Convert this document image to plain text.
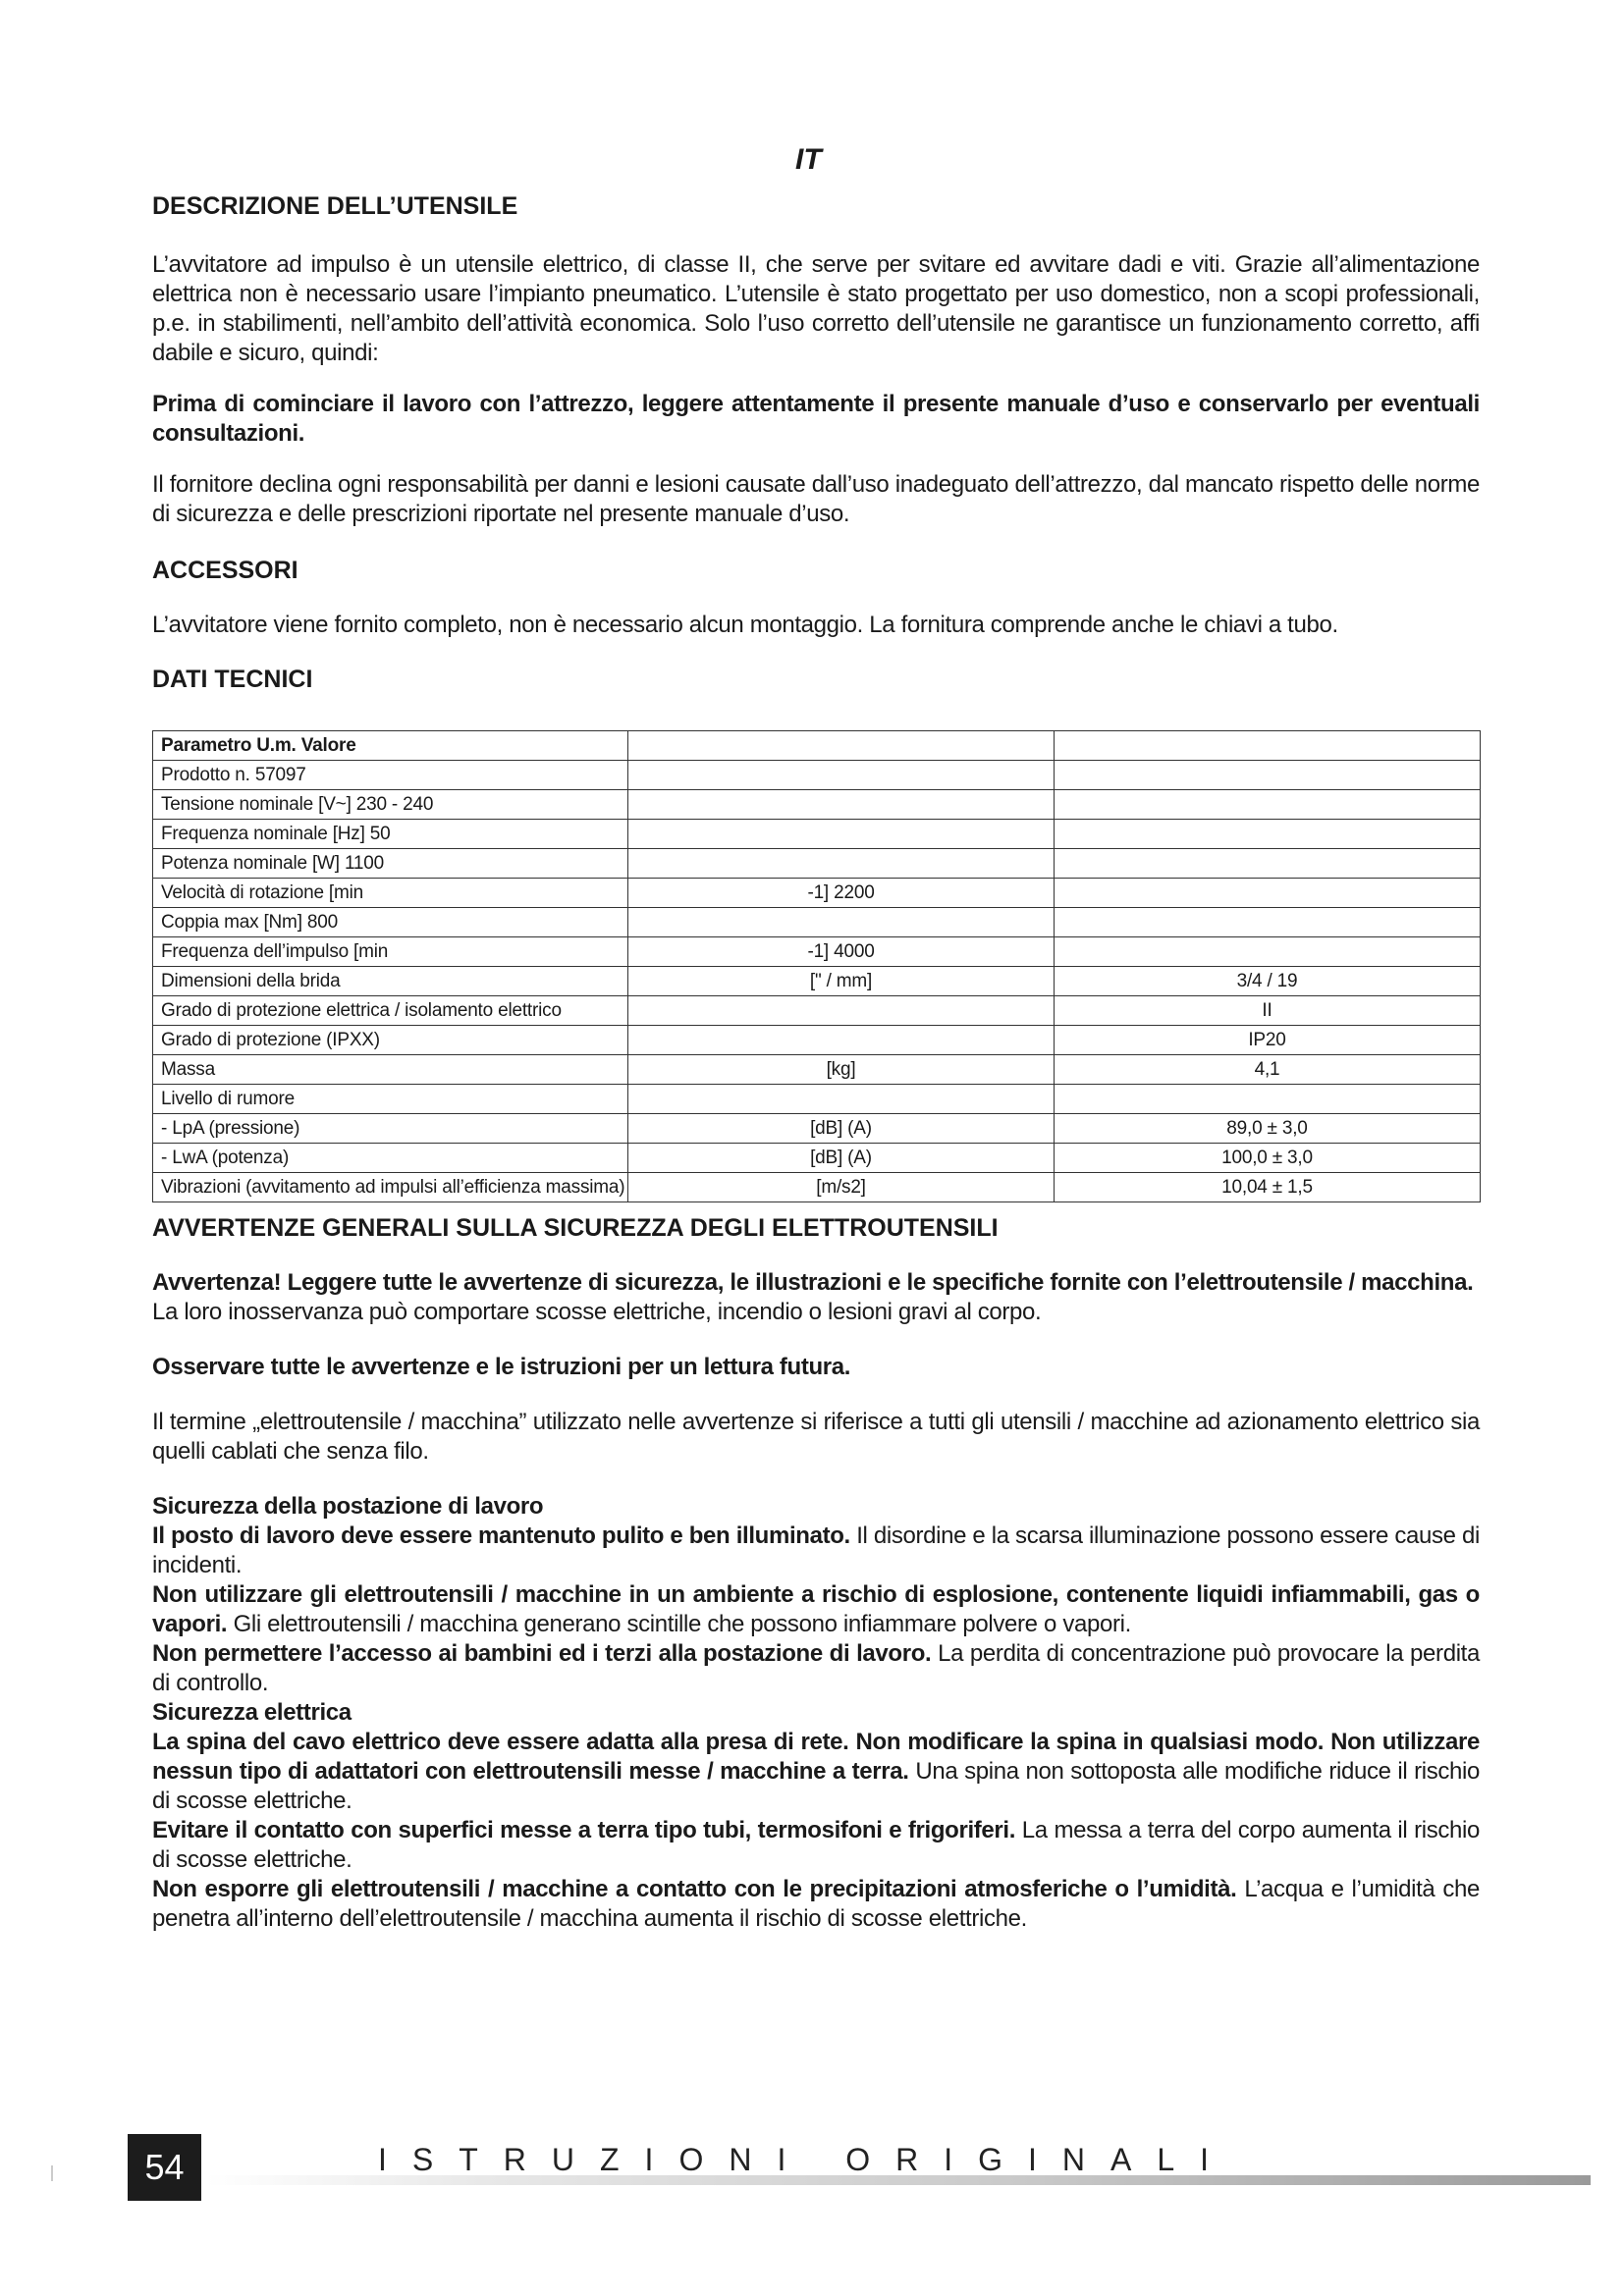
IT
DESCRIZIONE DELL’UTENSILE
L’avvitatore ad impulso è un utensile elettrico, di classe II, che serve per svitare ed avvitare dadi e viti. Grazie all’alimentazione elettrica non è necessario usare l’impianto pneumatico. L’utensile è stato progettato per uso domestico, non a scopi professionali, p.e. in stabilimenti, nell’ambito dell’attività economica. Solo l’uso corretto dell’utensile ne garantisce un funzionamento corretto, affi dabile e sicuro, quindi:
Prima di cominciare il lavoro con l’attrezzo, leggere attentamente il presente manuale d’uso e conservarlo per eventuali consultazioni.
Il fornitore declina ogni responsabilità per danni e lesioni causate dall’uso inadeguato dell’attrezzo, dal mancato rispetto delle norme di sicurezza e delle prescrizioni riportate nel presente manuale d’uso.
ACCESSORI
L’avvitatore viene fornito completo, non è necessario alcun montaggio. La fornitura comprende anche le chiavi a tubo.
DATI TECNICI
Parametro U.m. Valore		
Prodotto n. 57097		
Tensione nominale [V~] 230 - 240		
Frequenza nominale [Hz] 50		
Potenza nominale [W] 1100		
Velocità di rotazione [min	-1] 2200	
Coppia max [Nm] 800		
Frequenza dell’impulso [min	-1] 4000	
Dimensioni della brida	[" / mm]	3/4 / 19
Grado di protezione elettrica / isolamento elettrico		II
Grado di protezione (IPXX)		IP20
Massa	[kg]	4,1
Livello di rumore		
- LpA (pressione)	[dB] (A)	89,0 ± 3,0
- LwA (potenza)	[dB] (A)	100,0 ± 3,0
Vibrazioni (avvitamento ad impulsi all’efficienza massima)	[m/s2]	10,04 ± 1,5
AVVERTENZE GENERALI SULLA SICUREZZA DEGLI ELETTROUTENSILI
Avvertenza! Leggere tutte le avvertenze di sicurezza, le illustrazioni e le specifiche fornite con l’elettroutensile / macchina.
La loro inosservanza può comportare scosse elettriche, incendio o lesioni gravi al corpo.
Osservare tutte le avvertenze e le istruzioni per un lettura futura.
Il termine „elettroutensile / macchina” utilizzato nelle avvertenze si riferisce a tutti gli utensili / macchine ad azionamento elettrico sia quelli cablati che senza filo.
Sicurezza della postazione di lavoro
Il posto di lavoro deve essere mantenuto pulito e ben illuminato. Il disordine e la scarsa illuminazione possono essere cause di incidenti.
Non utilizzare gli elettroutensili / macchine in un ambiente a rischio di esplosione, contenente liquidi infiammabili, gas o vapori. Gli elettroutensili / macchina generano scintille che possono infiammare polvere o vapori.
Non permettere l’accesso ai bambini ed i terzi alla postazione di lavoro. La perdita di concentrazione può provocare la perdita di controllo.
Sicurezza elettrica
La spina del cavo elettrico deve essere adatta alla presa di rete. Non modificare la spina in qualsiasi modo. Non utilizzare nessun tipo di adattatori con elettroutensili messe / macchine a terra. Una spina non sottoposta alle modifiche riduce il rischio di scosse elettriche.
Evitare il contatto con superfici messe a terra tipo tubi, termosifoni e frigoriferi. La messa a terra del corpo aumenta il rischio di scosse elettriche.
Non esporre gli elettroutensili / macchine a contatto con le precipitazioni atmosferiche o l’umidità. L’acqua e l’umidità che penetra all’interno dell’elettroutensile / macchina aumenta il rischio di scosse elettriche.
54	ISTRUZIONI ORIGINALI
